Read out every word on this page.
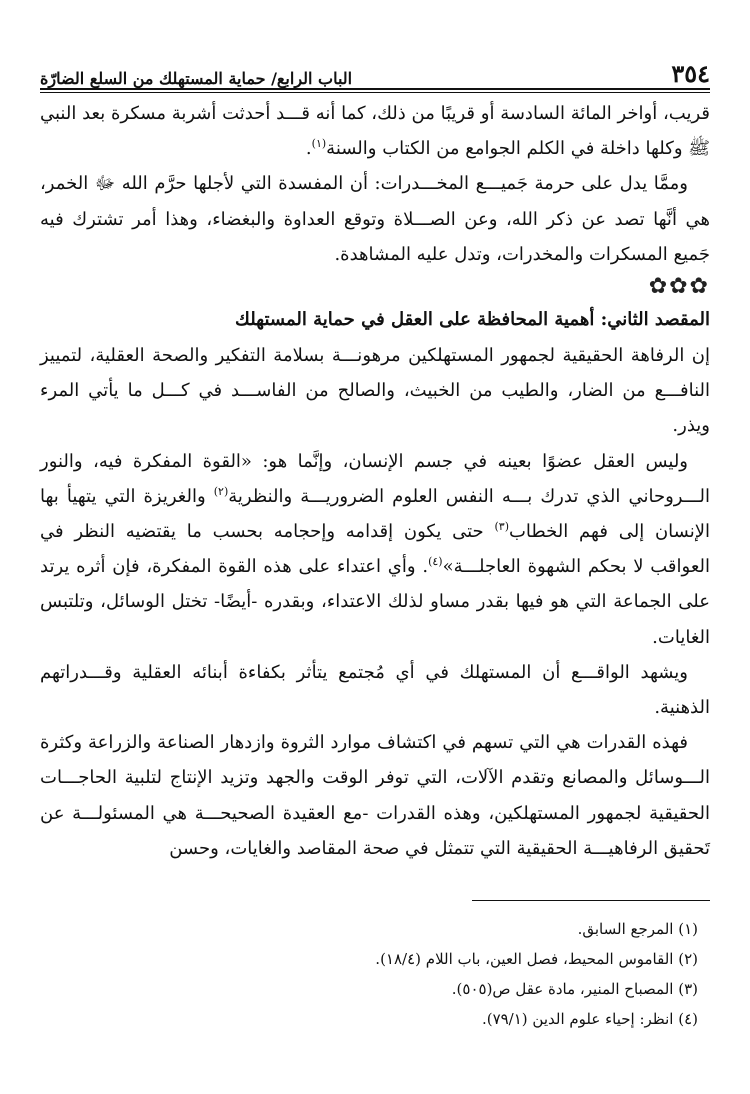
٣٥٤
الباب الرابع/ حماية المستهلك من السلع الضارّة

قريب، أواخر المائة السادسة أو قريبًا من ذلك، كما أنه قـــد أحدثت أشربة مسكرة بعد النبي ﷺ وكلها داخلة في الكلم الجوامع من الكتاب والسنة$^{(١)}$.

وممَّا يدل على حرمة جَميـــع المخـــدرات: أن المفسدة التي لأجلها حرَّم الله ﷻ الخمر، هي أنَّها تصد عن ذكر الله، وعن الصـــلاة وتوقع العداوة والبغضاء، وهذا أمر تشترك فيه جَميع المسكرات والمخدرات، وتدل عليه المشاهدة.

✿✿✿

المقصد الثاني: أهمية المحافظة على العقل في حماية المستهلك

إن الرفاهة الحقيقية لجمهور المستهلكين مرهونـــة بسلامة التفكير والصحة العقلية، لتمييز النافـــع من الضار، والطيب من الخبيث، والصالح من الفاســـد في كـــل ما يأتي المرء ويذر.

وليس العقل عضوًا بعينه في جسم الإنسان، وإنَّما هو: «القوة المفكرة فيه، والنور الـــروحاني الذي تدرك بـــه النفس العلوم الضروريـــة والنظرية$^{(٢)}$ والغريزة التي يتهيأ بها الإنسان إلى فهم الخطاب$^{(٣)}$ حتى يكون إقدامه وإحجامه بحسب ما يقتضيه النظر في العواقب لا بحكم الشهوة العاجلـــة»$^{(٤)}$. وأي اعتداء على هذه القوة المفكرة، فإن أثره يرتد على الجماعة التي هو فيها بقدر مساو لذلك الاعتداء، وبقدره -أيضًا- تختل الوسائل، وتلتبس الغايات.

ويشهد الواقـــع أن المستهلك في أي مُجتمع يتأثر بكفاءة أبنائه العقلية وقـــدراتهم الذهنية.

فهذه القدرات هي التي تسهم في اكتشاف موارد الثروة وازدهار الصناعة والزراعة وكثرة الـــوسائل والمصانع وتقدم الآلات، التي توفر الوقت والجهد وتزيد الإنتاج لتلبية الحاجـــات الحقيقية لجمهور المستهلكين، وهذه القدرات -مع العقيدة الصحيحـــة هي المسئولـــة عن تَحقيق الرفاهيـــة الحقيقية التي تتمثل في صحة المقاصد والغايات، وحسن

(١) المرجع السابق.

(٢) القاموس المحيط، فصل العين، باب اللام (١٨/٤).

(٣) المصباح المنير، مادة عقل ص(٥٠٥).

(٤) انظر: إحياء علوم الدين (٧٩/١).
